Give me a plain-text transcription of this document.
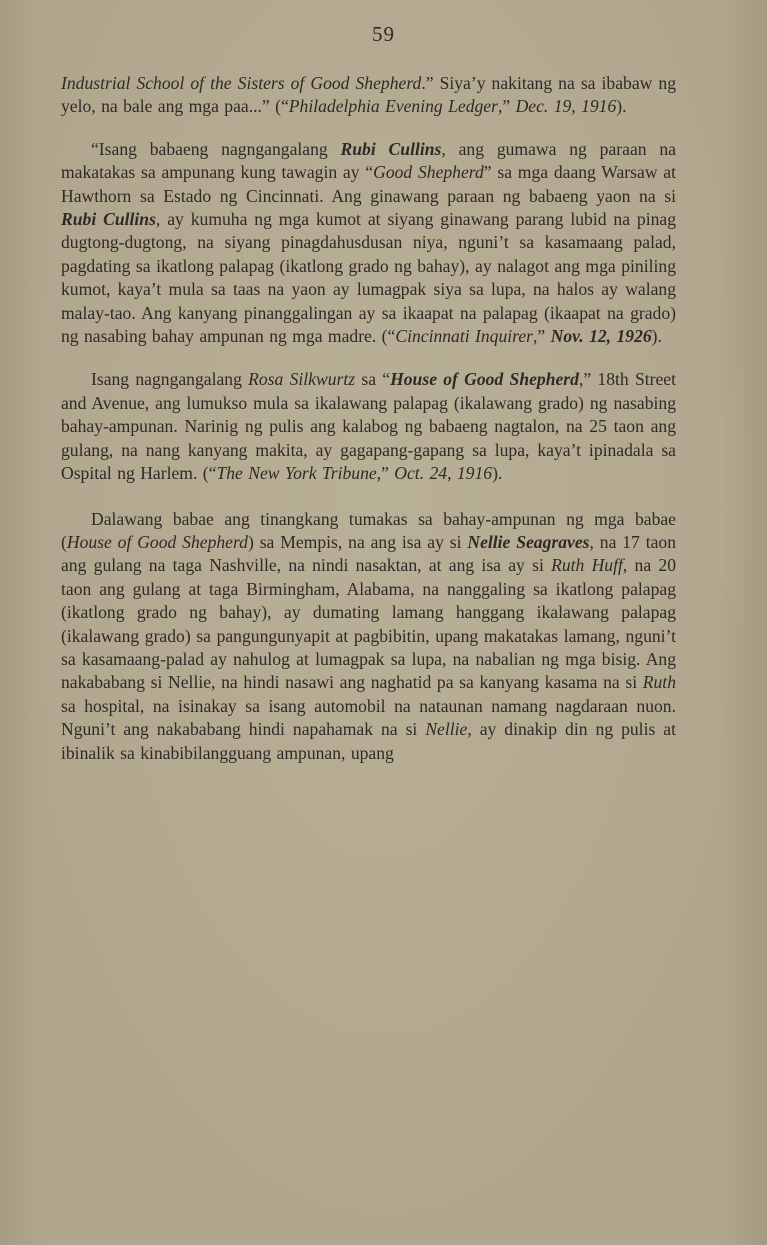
59

Industrial School of the Sisters of Good Shepherd.” Siya’y nakitang na sa ibabaw ng yelo, na bale ang mga paa...” (“Philadelphia Evening Ledger,” Dec. 19, 1916).

“Isang babaeng nagngangalang Rubi Cullins, ang gumawa ng paraan na makatakas sa ampunang kung tawagin ay “Good Shepherd” sa mga daang Warsaw at Hawthorn sa Estado ng Cincinnati. Ang ginawang paraan ng babaeng yaon na si Rubi Cullins, ay kumuha ng mga kumot at siyang ginawang parang lubid na pinag dugtong-dugtong, na siyang pinagdahusdusan niya, nguni’t sa kasamaang palad, pagdating sa ikatlong palapag (ikatlong grado ng bahay), ay nalagot ang mga piniling kumot, kaya’t mula sa taas na yaon ay lumagpak siya sa lupa, na halos ay walang malay-tao. Ang kanyang pinanggalingan ay sa ikaapat na palapag (ikaapat na grado) ng nasabing bahay ampunan ng mga madre. (“Cincinnati Inquirer,” Nov. 12, 1926).

Isang nagngangalang Rosa Silkwurtz sa “House of Good Shepherd,” 18th Street and Avenue, ang lumukso mula sa ikalawang palapag (ikalawang grado) ng nasabing bahay-ampunan. Narinig ng pulis ang kalabog ng babaeng nagtalon, na 25 taon ang gulang, na nang kanyang makita, ay gagapang-gapang sa lupa, kaya’t ipinadala sa Ospital ng Harlem. (“The New York Tribune,” Oct. 24, 1916).

Dalawang babae ang tinangkang tumakas sa bahay-ampunan ng mga babae (House of Good Shepherd) sa Mempis, na ang isa ay si Nellie Seagraves, na 17 taon ang gulang na taga Nashville, na nindi nasaktan, at ang isa ay si Ruth Huff, na 20 taon ang gulang at taga Birmingham, Alabama, na nanggaling sa ikatlong palapag (ikatlong grado ng bahay), ay dumating lamang hanggang ikalawang palapag (ikalawang grado) sa pangungunyapit at pagbibitin, upang makatakas lamang, nguni’t sa kasamaang-palad ay nahulog at lumagpak sa lupa, na nabalian ng mga bisig. Ang nakababang si Nellie, na hindi nasawi ang naghatid pa sa kanyang kasama na si Ruth sa hospital, na isinakay sa isang automobil na nataunan namang nagdaraan nuon. Nguni’t ang nakababang hindi napahamak na si Nellie, ay dinakip din ng pulis at ibinalik sa kinabibilangguang ampunan, upang
